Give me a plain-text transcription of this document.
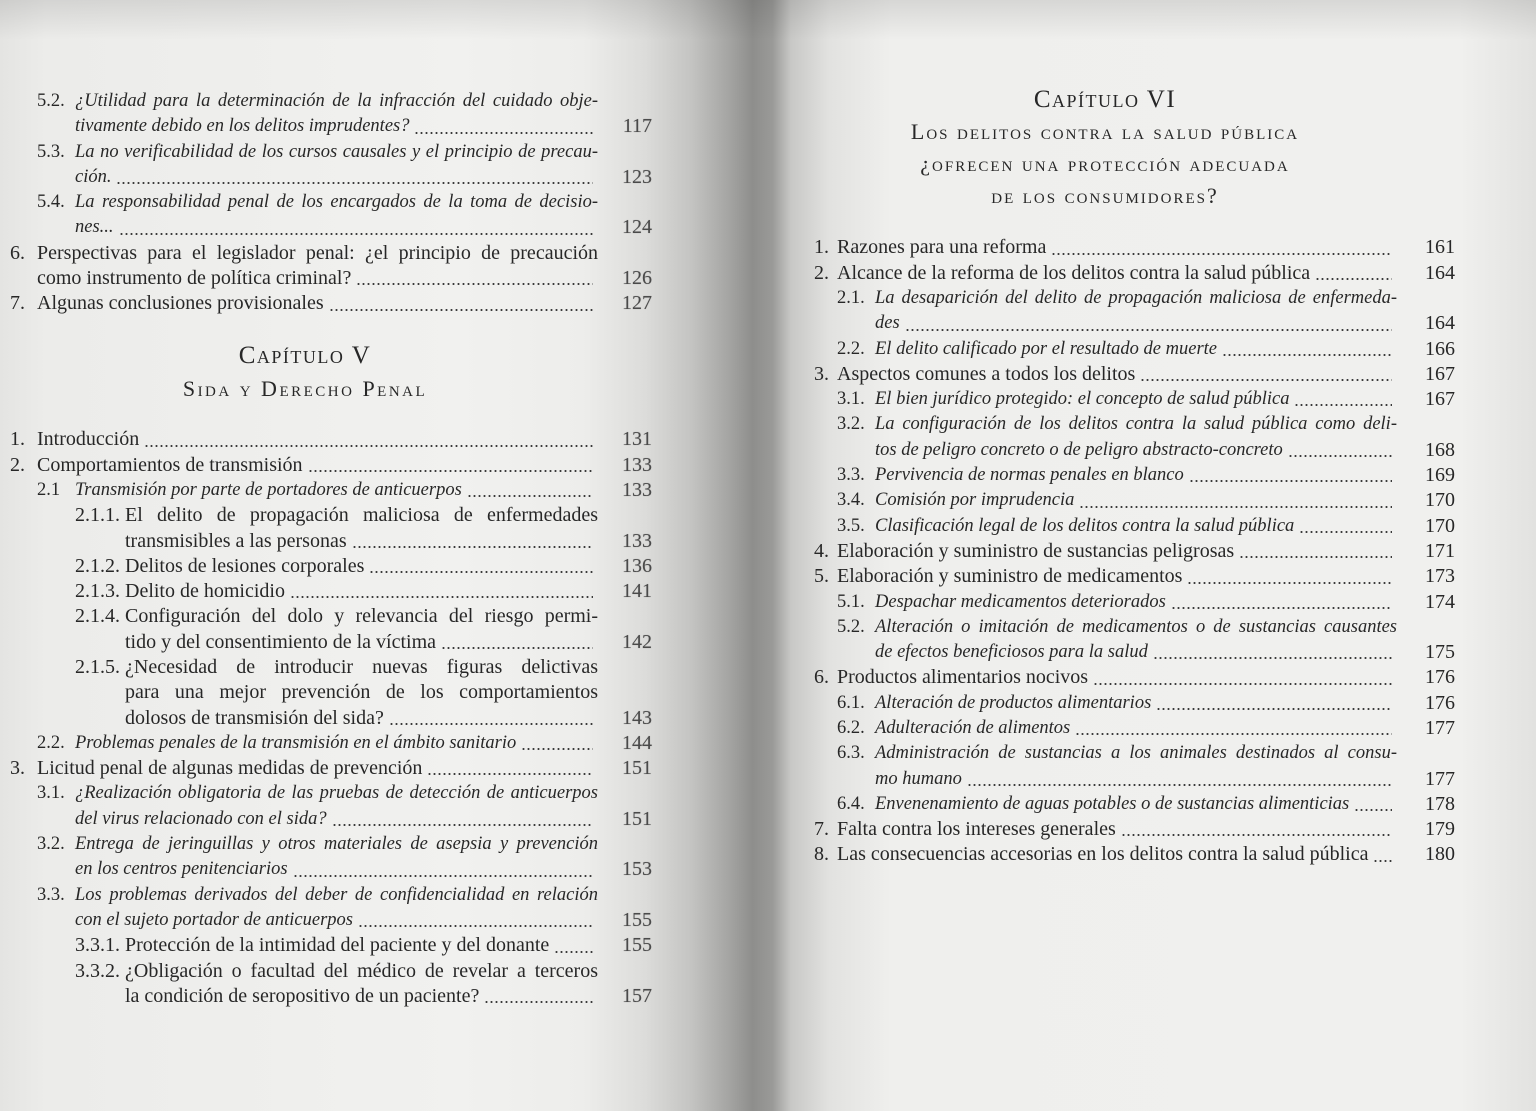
5.2. ¿Utilidad para la determinación de la infracción del cuidado obje-
tivamente debido en los delitos imprudentes?	117
5.3. La no verificabilidad de los cursos causales y el principio de precau-
ción.	123
5.4. La responsabilidad penal de los encargados de la toma de decisio-
nes...	124
6. Perspectivas para el legislador penal: ¿el principio de precaución
como instrumento de política criminal?	126
7. Algunas conclusiones provisionales	127
Capítulo V
Sida y Derecho Penal
1. Introducción	131
2. Comportamientos de transmisión	133
2.1 Transmisión por parte de portadores de anticuerpos	133
2.1.1. El delito de propagación maliciosa de enfermedades
transmisibles a las personas	133
2.1.2. Delitos de lesiones corporales	136
2.1.3. Delito de homicidio	141
2.1.4. Configuración del dolo y relevancia del riesgo permi-
tido y del consentimiento de la víctima	142
2.1.5. ¿Necesidad de introducir nuevas figuras delictivas
para una mejor prevención de los comportamientos
dolosos de transmisión del sida?	143
2.2. Problemas penales de la transmisión en el ámbito sanitario	144
3. Licitud penal de algunas medidas de prevención	151
3.1. ¿Realización obligatoria de las pruebas de detección de anticuerpos
del virus relacionado con el sida?	151
3.2. Entrega de jeringuillas y otros materiales de asepsia y prevención
en los centros penitenciarios	153
3.3. Los problemas derivados del deber de confidencialidad en relación
con el sujeto portador de anticuerpos	155
3.3.1. Protección de la intimidad del paciente y del donante	155
3.3.2. ¿Obligación o facultad del médico de revelar a terceros
la condición de seropositivo de un paciente?	157
Capítulo VI
Los delitos contra la salud pública
¿ofrecen una protección adecuada
de los consumidores?
1. Razones para una reforma	161
2. Alcance de la reforma de los delitos contra la salud pública	164
2.1. La desaparición del delito de propagación maliciosa de enfermeda-
des	164
2.2. El delito calificado por el resultado de muerte	166
3. Aspectos comunes a todos los delitos	167
3.1. El bien jurídico protegido: el concepto de salud pública	167
3.2. La configuración de los delitos contra la salud pública como deli-
tos de peligro concreto o de peligro abstracto-concreto	168
3.3. Pervivencia de normas penales en blanco	169
3.4. Comisión por imprudencia	170
3.5. Clasificación legal de los delitos contra la salud pública	170
4. Elaboración y suministro de sustancias peligrosas	171
5. Elaboración y suministro de medicamentos	173
5.1. Despachar medicamentos deteriorados	174
5.2. Alteración o imitación de medicamentos o de sustancias causantes
de efectos beneficiosos para la salud	175
6. Productos alimentarios nocivos	176
6.1. Alteración de productos alimentarios	176
6.2. Adulteración de alimentos	177
6.3. Administración de sustancias a los animales destinados al consu-
mo humano	177
6.4. Envenenamiento de aguas potables o de sustancias alimenticias	178
7. Falta contra los intereses generales	179
8. Las consecuencias accesorias en los delitos contra la salud pública	180
